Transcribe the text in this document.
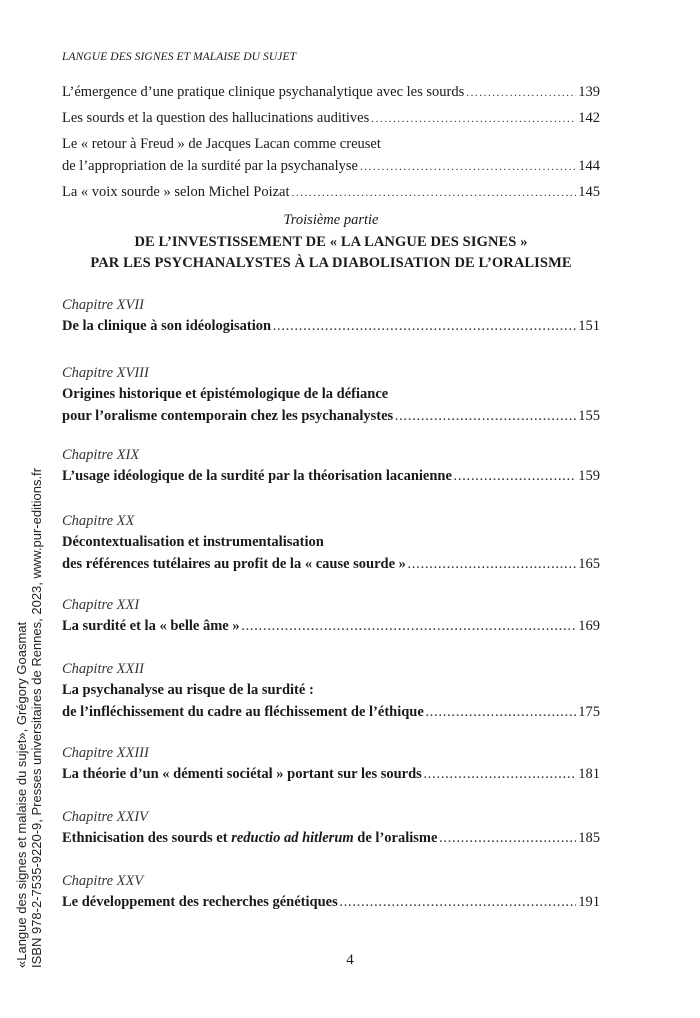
LANGUE DES SIGNES ET MALAISE DU SUJET
L’émergence d’une pratique clinique psychanalytique avec les sourds .....	139
Les sourds et la question des hallucinations auditives .....	142
Le « retour à Freud » de Jacques Lacan comme creuset
de l’appropriation de la surdité par la psychanalyse .....	144
La « voix sourde » selon Michel Poizat .....	145
Troisième partie
DE L’INVESTISSEMENT DE « LA LANGUE DES SIGNES »
PAR LES PSYCHANALYSTES À LA DIABOLISATION DE L’ORALISME
Chapitre XVII
De la clinique à son idéologisation .....	151
Chapitre XVIII
Origines historique et épistémologique de la défiance
pour l’oralisme contemporain chez les psychanalystes .....	155
Chapitre XIX
L’usage idéologique de la surdité par la théorisation lacanienne .....	159
Chapitre XX
Décontextualisation et instrumentalisation
des références tutélaires au profit de la « cause sourde » .....	165
Chapitre XXI
La surdité et la « belle âme » .....	169
Chapitre XXII
La psychanalyse au risque de la surdité :
de l’infléchissement du cadre au fléchissement de l’éthique .....	175
Chapitre XXIII
La théorie d’un « démenti sociétal » portant sur les sourds .....	181
Chapitre XXIV
Ethnicisation des sourds et reductio ad hitlerum de l’oralisme .....	185
Chapitre XXV
Le développement des recherches génétiques .....	191
4
«Langue des signes et malaise du sujet», Grégory Goasmat ISBN 978-2-7535-9220-9, Presses universitaires de Rennes, 2023, www.pur-editions.fr
